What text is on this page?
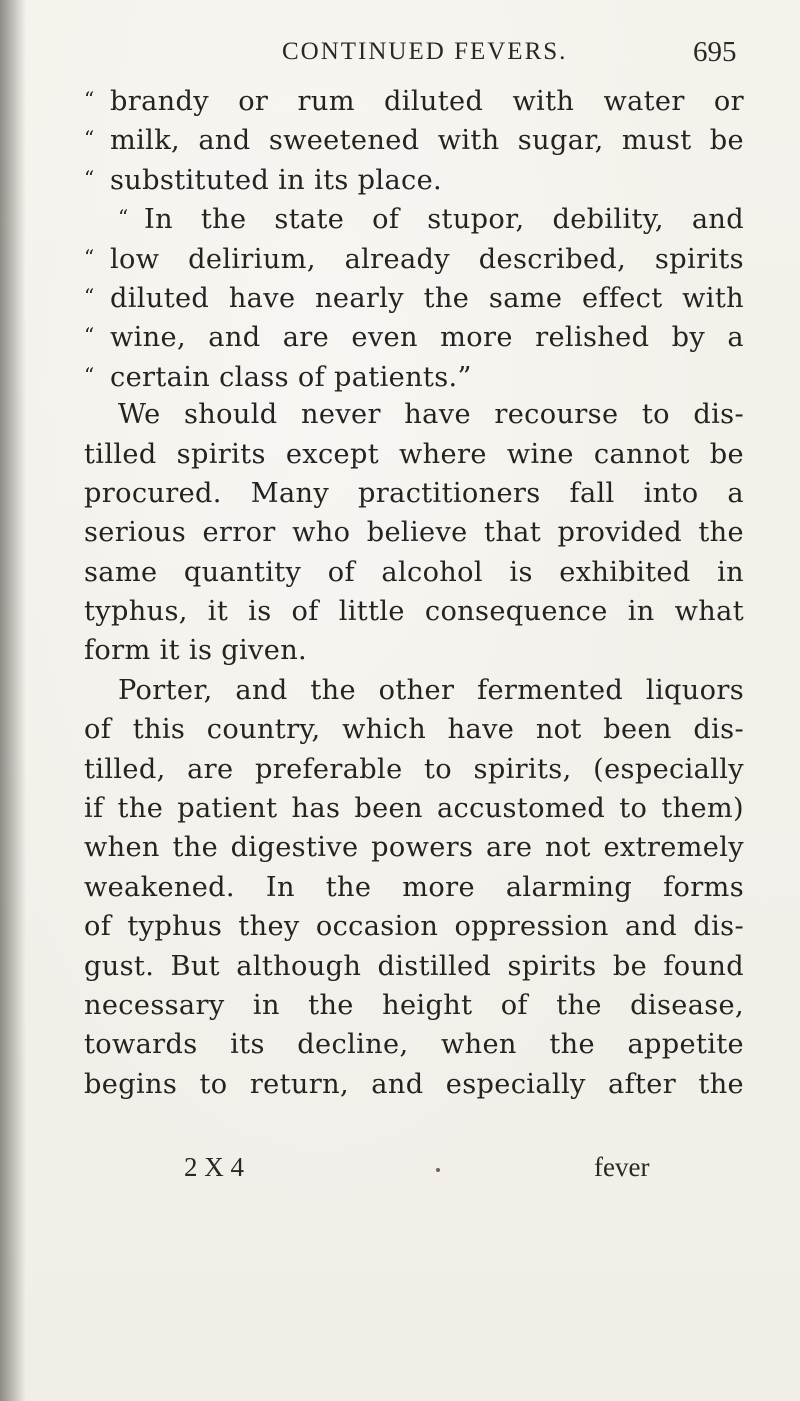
CONTINUED FEVERS.	695
“ brandy or rum diluted with water or
“ milk, and sweetened with sugar, must be
“ substituted in its place.
“ In the state of stupor, debility, and
“ low delirium, already described, spirits
“ diluted have nearly the same effect with
“ wine, and are even more relished by a
“ certain class of patients.”
We should never have recourse to dis-
tilled spirits except where wine cannot be
procured. Many practitioners fall into a
serious error who believe that provided the
same quantity of alcohol is exhibited in
typhus, it is of little consequence in what
form it is given.
Porter, and the other fermented liquors
of this country, which have not been dis-
tilled, are preferable to spirits, (especially
if the patient has been accustomed to them)
when the digestive powers are not extremely
weakened. In the more alarming forms
of typhus they occasion oppression and dis-
gust. But although distilled spirits be found
necessary in the height of the disease,
towards its decline, when the appetite
begins to return, and especially after the
2 X 4	fever
